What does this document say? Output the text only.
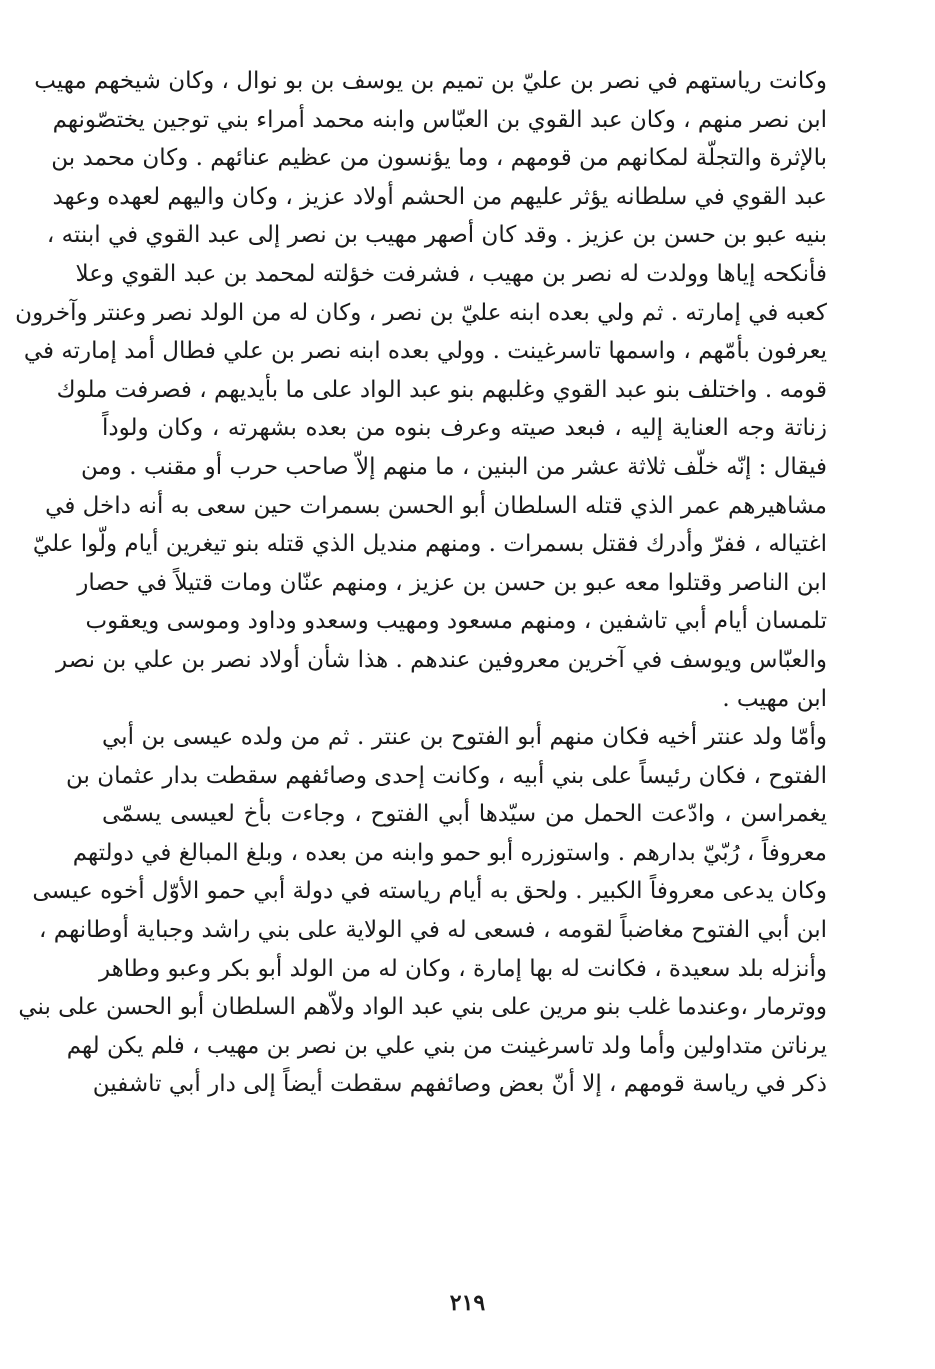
وكانت رياستهم في نصر بن عليّ بن تميم بن يوسف بن بو نوال ، وكان شيخهم مهيب
ابن نصر منهم ، وكان عبد القوي بن العبّاس وابنه محمد أمراء بني توجين يختصّونهم
بالإثرة والتجلّة لمكانهم من قومهم ، وما يؤنسون من عظيم عنائهم . وكان محمد بن
عبد القوي في سلطانه يؤثر عليهم من الحشم أولاد عزيز ، وكان واليهم لعهده وعهد
بنيه عبو بن حسن بن عزيز . وقد كان أصهر مهيب بن نصر إلى عبد القوي في ابنته ،
فأنكحه إياها وولدت له نصر بن مهيب ، فشرفت خؤلته لمحمد بن عبد القوي وعلا
كعبه في إمارته . ثم ولي بعده ابنه عليّ بن نصر ، وكان له من الولد نصر وعنتر وآخرون
يعرفون بأمّهم ، واسمها تاسرغينت . وولي بعده ابنه نصر بن علي فطال أمد إمارته في
قومه . واختلف بنو عبد القوي وغلبهم بنو عبد الواد على ما بأيديهم ، فصرفت ملوك
زناتة وجه العناية إليه ، فبعد صيته وعرف بنوه من بعده بشهرته ، وكان ولوداً
فيقال : إنّه خلّف ثلاثة عشر من البنين ، ما منهم إلاّ صاحب حرب أو مقنب . ومن
مشاهيرهم عمر الذي قتله السلطان أبو الحسن بسمرات حين سعى به أنه داخل في
اغتياله ، ففرّ وأدرك فقتل بسمرات . ومنهم منديل الذي قتله بنو تيغرين أيام ولّوا عليّ
ابن الناصر وقتلوا معه عبو بن حسن بن عزيز ، ومنهم عنّان ومات قتيلاً في حصار
تلمسان أيام أبي تاشفين ، ومنهم مسعود ومهيب وسعدو وداود وموسى ويعقوب
والعبّاس ويوسف في آخرين معروفين عندهم . هذا شأن أولاد نصر بن علي بن نصر
ابن مهيب .
وأمّا ولد عنتر أخيه فكان منهم أبو الفتوح بن عنتر . ثم من ولده عيسى بن أبي
الفتوح ، فكان رئيساً على بني أبيه ، وكانت إحدى وصائفهم سقطت بدار عثمان بن
يغمراسن ، وادّعت الحمل من سيّدها أبي الفتوح ، وجاءت بأخ لعيسى يسمّى
معروفاً ، رُبّيّ بدارهم . واستوزره أبو حمو وابنه من بعده ، وبلغ المبالغ في دولتهم
وكان يدعى معروفاً الكبير . ولحق به أيام رياسته في دولة أبي حمو الأوّل أخوه عيسى
ابن أبي الفتوح مغاضباً لقومه ، فسعى له في الولاية على بني راشد وجباية أوطانهم ،
وأنزله بلد سعيدة ، فكانت له بها إمارة ، وكان له من الولد أبو بكر وعبو وطاهر
ووترمار ،وعندما غلب بنو مرين على بني عبد الواد ولاّهم السلطان أبو الحسن على بني
يرناتن متداولين وأما ولد تاسرغينت من بني علي بن نصر بن مهيب ، فلم يكن لهم
ذكر في رياسة قومهم ، إلا أنّ بعض وصائفهم سقطت أيضاً إلى دار أبي تاشفين
٢١٩
